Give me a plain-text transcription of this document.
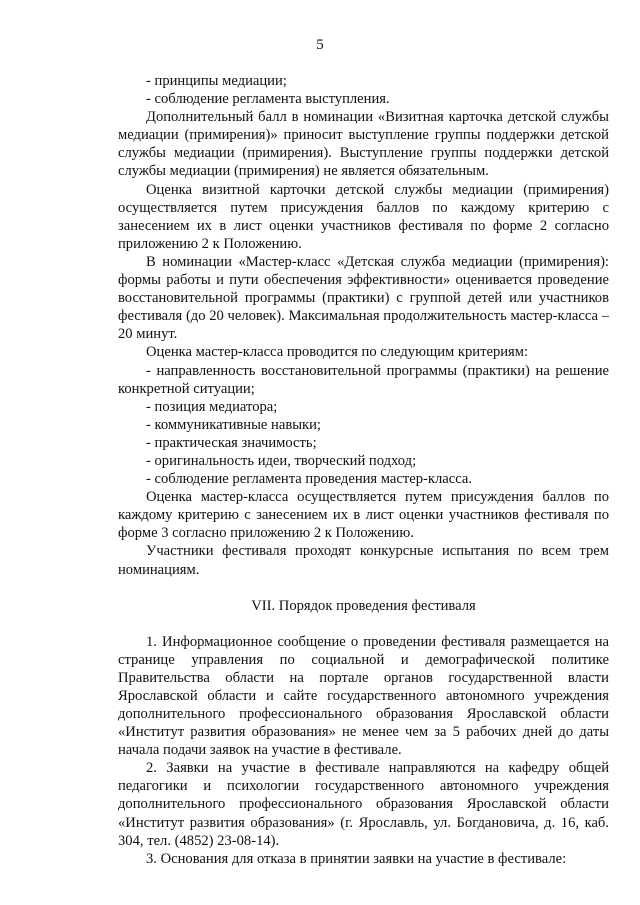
5

- принципы медиации;

- соблюдение регламента выступления.

Дополнительный балл в номинации «Визитная карточка детской службы медиации (примирения)» приносит выступление группы поддержки детской службы медиации (примирения). Выступление группы поддержки детской службы медиации (примирения) не является обязательным.

Оценка визитной карточки детской службы медиации (примирения) осуществляется путем присуждения баллов по каждому критерию с занесением их в лист оценки участников фестиваля по форме 2 согласно приложению 2 к Положению.

В номинации «Мастер-класс «Детская служба медиации (примирения): формы работы и пути обеспечения эффективности» оценивается проведение восстановительной программы (практики) с группой детей или участников фестиваля (до 20 человек). Максимальная продолжительность мастер-класса – 20 минут.

Оценка мастер-класса проводится по следующим критериям:

- направленность восстановительной программы (практики) на решение конкретной ситуации;

- позиция медиатора;

- коммуникативные навыки;

- практическая значимость;

- оригинальность идеи, творческий подход;

- соблюдение регламента проведения мастер-класса.

Оценка мастер-класса осуществляется путем присуждения баллов по каждому критерию с занесением их в лист оценки участников фестиваля по форме 3 согласно приложению 2 к Положению.

Участники фестиваля проходят конкурсные испытания по всем трем номинациям.

VII. Порядок проведения фестиваля

1. Информационное сообщение о проведении фестиваля размещается на странице управления по социальной и демографической политике Правительства области на портале органов государственной власти Ярославской области и сайте государственного автономного учреждения дополнительного профессионального образования Ярославской области «Институт развития образования» не менее чем за 5 рабочих дней до даты начала подачи заявок на участие в фестивале.

2. Заявки на участие в фестивале направляются на кафедру общей педагогики и психологии государственного автономного учреждения дополнительного профессионального образования Ярославской области «Институт развития образования» (г. Ярославль, ул. Богдановича, д. 16, каб. 304, тел. (4852) 23-08-14).

3. Основания для отказа в принятии заявки на участие в фестивале:
